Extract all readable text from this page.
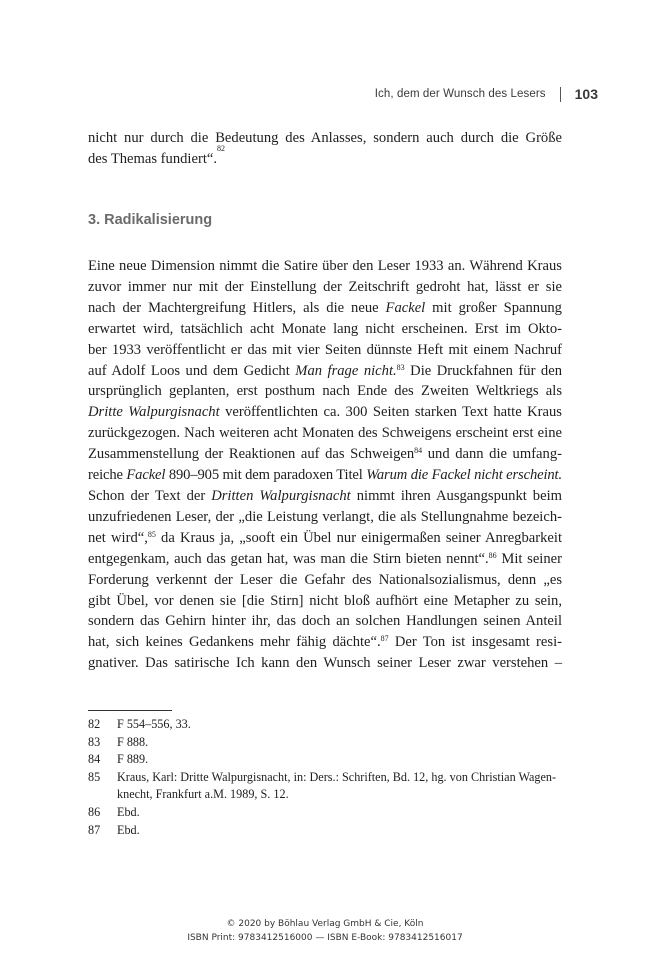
Ich, dem der Wunsch des Lesers 103
nicht nur durch die Bedeutung des Anlasses, sondern auch durch die Größe
des Themas fundiert“.
82
3. Radikalisierung
Eine neue Dimension nimmt die Satire über den Leser 1933 an. Während Kraus
zuvor immer nur mit der Einstellung der Zeitschrift gedroht hat, lässt er sie
nach der Machtergreifung Hitlers, als die neue Fackel mit großer Spannung
erwartet wird, tatsächlich acht Monate lang nicht erscheinen. Erst im Okto-
ber 1933 veröffentlicht er das mit vier Seiten dünnste Heft mit einem Nachruf
auf Adolf Loos und dem Gedicht Man frage nicht.$^{83}$ Die Druckfahnen für den
ursprünglich geplanten, erst posthum nach Ende des Zweiten Weltkriegs als
Dritte Walpurgisnacht veröffentlichten ca. 300 Seiten starken Text hatte Kraus
zurückgezogen. Nach weiteren acht Monaten des Schweigens erscheint erst eine
Zusammenstellung der Reaktionen auf das Schweigen$^{84}$ und dann die umfang-
reiche Fackel 890–905 mit dem paradoxen Titel Warum die Fackel nicht erscheint.
Schon der Text der Dritten Walpurgisnacht nimmt ihren Ausgangspunkt beim
unzufriedenen Leser, der „die Leistung verlangt, die als Stellungnahme bezeich-
net wird“,$^{85}$ da Kraus ja, „sooft ein Übel nur einigermaßen seiner Anregbarkeit
entgegenkam, auch das getan hat, was man die Stirn bieten nennt“.$^{86}$ Mit seiner
Forderung verkennt der Leser die Gefahr des Nationalsozialismus, denn „es
gibt Übel, vor denen sie [die Stirn] nicht bloß aufhört eine Metapher zu sein,
sondern das Gehirn hinter ihr, das doch an solchen Handlungen seinen Anteil
hat, sich keines Gedankens mehr fähig dächte“.$^{87}$ Der Ton ist insgesamt resi-
gnativer. Das satirische Ich kann den Wunsch seiner Leser zwar verstehen –
82	F 554–556, 33.
83	F 888.
84	F 889.
85	Kraus, Karl: Dritte Walpurgisnacht, in: Ders.: Schriften, Bd. 12, hg. von Christian Wagen-
knecht, Frankfurt a.M. 1989, S. 12.
86	Ebd.
87	Ebd.
© 2020 by Böhlau Verlag GmbH & Cie, Köln
ISBN Print: 9783412516000 — ISBN E-Book: 9783412516017
